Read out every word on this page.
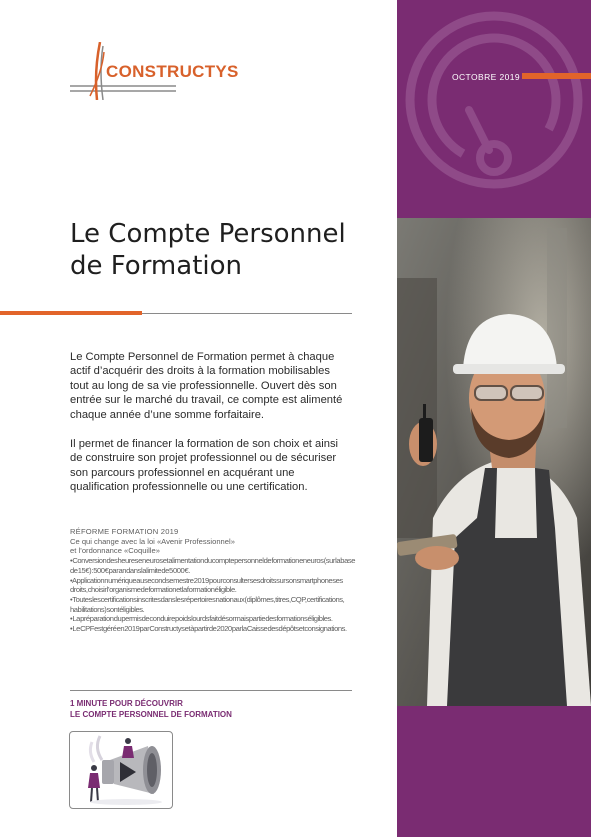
OCTOBRE 2019
CONSTRUCTYS
Le Compte Personnel
de Formation

Le Compte Personnel de Formation permet à chaque actif d’acquérir des droits à la formation mobilisables tout au long de sa vie professionnelle. Ouvert dès son entrée sur le marché du travail, ce compte est alimenté chaque année d’une somme forfaitaire.

Il permet de financer la formation de son choix et ainsi de construire son projet professionnel ou de sécuriser son parcours professionnel en acquérant une qualification professionnelle ou une certification.

RÉFORME FORMATION 2019
Ce qui change avec la loi «Avenir Professionnel»
et l’ordonnance «Coquille»
• Conversion des heures en euros et alimentation du compte personnel de formation en euros (sur la base de 15 €) : 500 € par an dans la limite de 5 000 €.
• Application numérique au second semestre 2019 pour consulter ses droits sur son smartphone ses droits, choisir l’organisme de formation et la formation éligible.
• Toutes les certifications inscrites dans les répertoires nationaux (diplômes, titres, CQP, certifications, habilitations) sont éligibles.
• La préparation du permis de conduire poids lourds fait désormais partie des formations éligibles.
• Le CPF est géré en 2019 par Constructys et à partir de 2020 par la Caisse des dépôts et consignations.
1 MINUTE POUR DÉCOUVRIR
LE COMPTE PERSONNEL DE FORMATION
